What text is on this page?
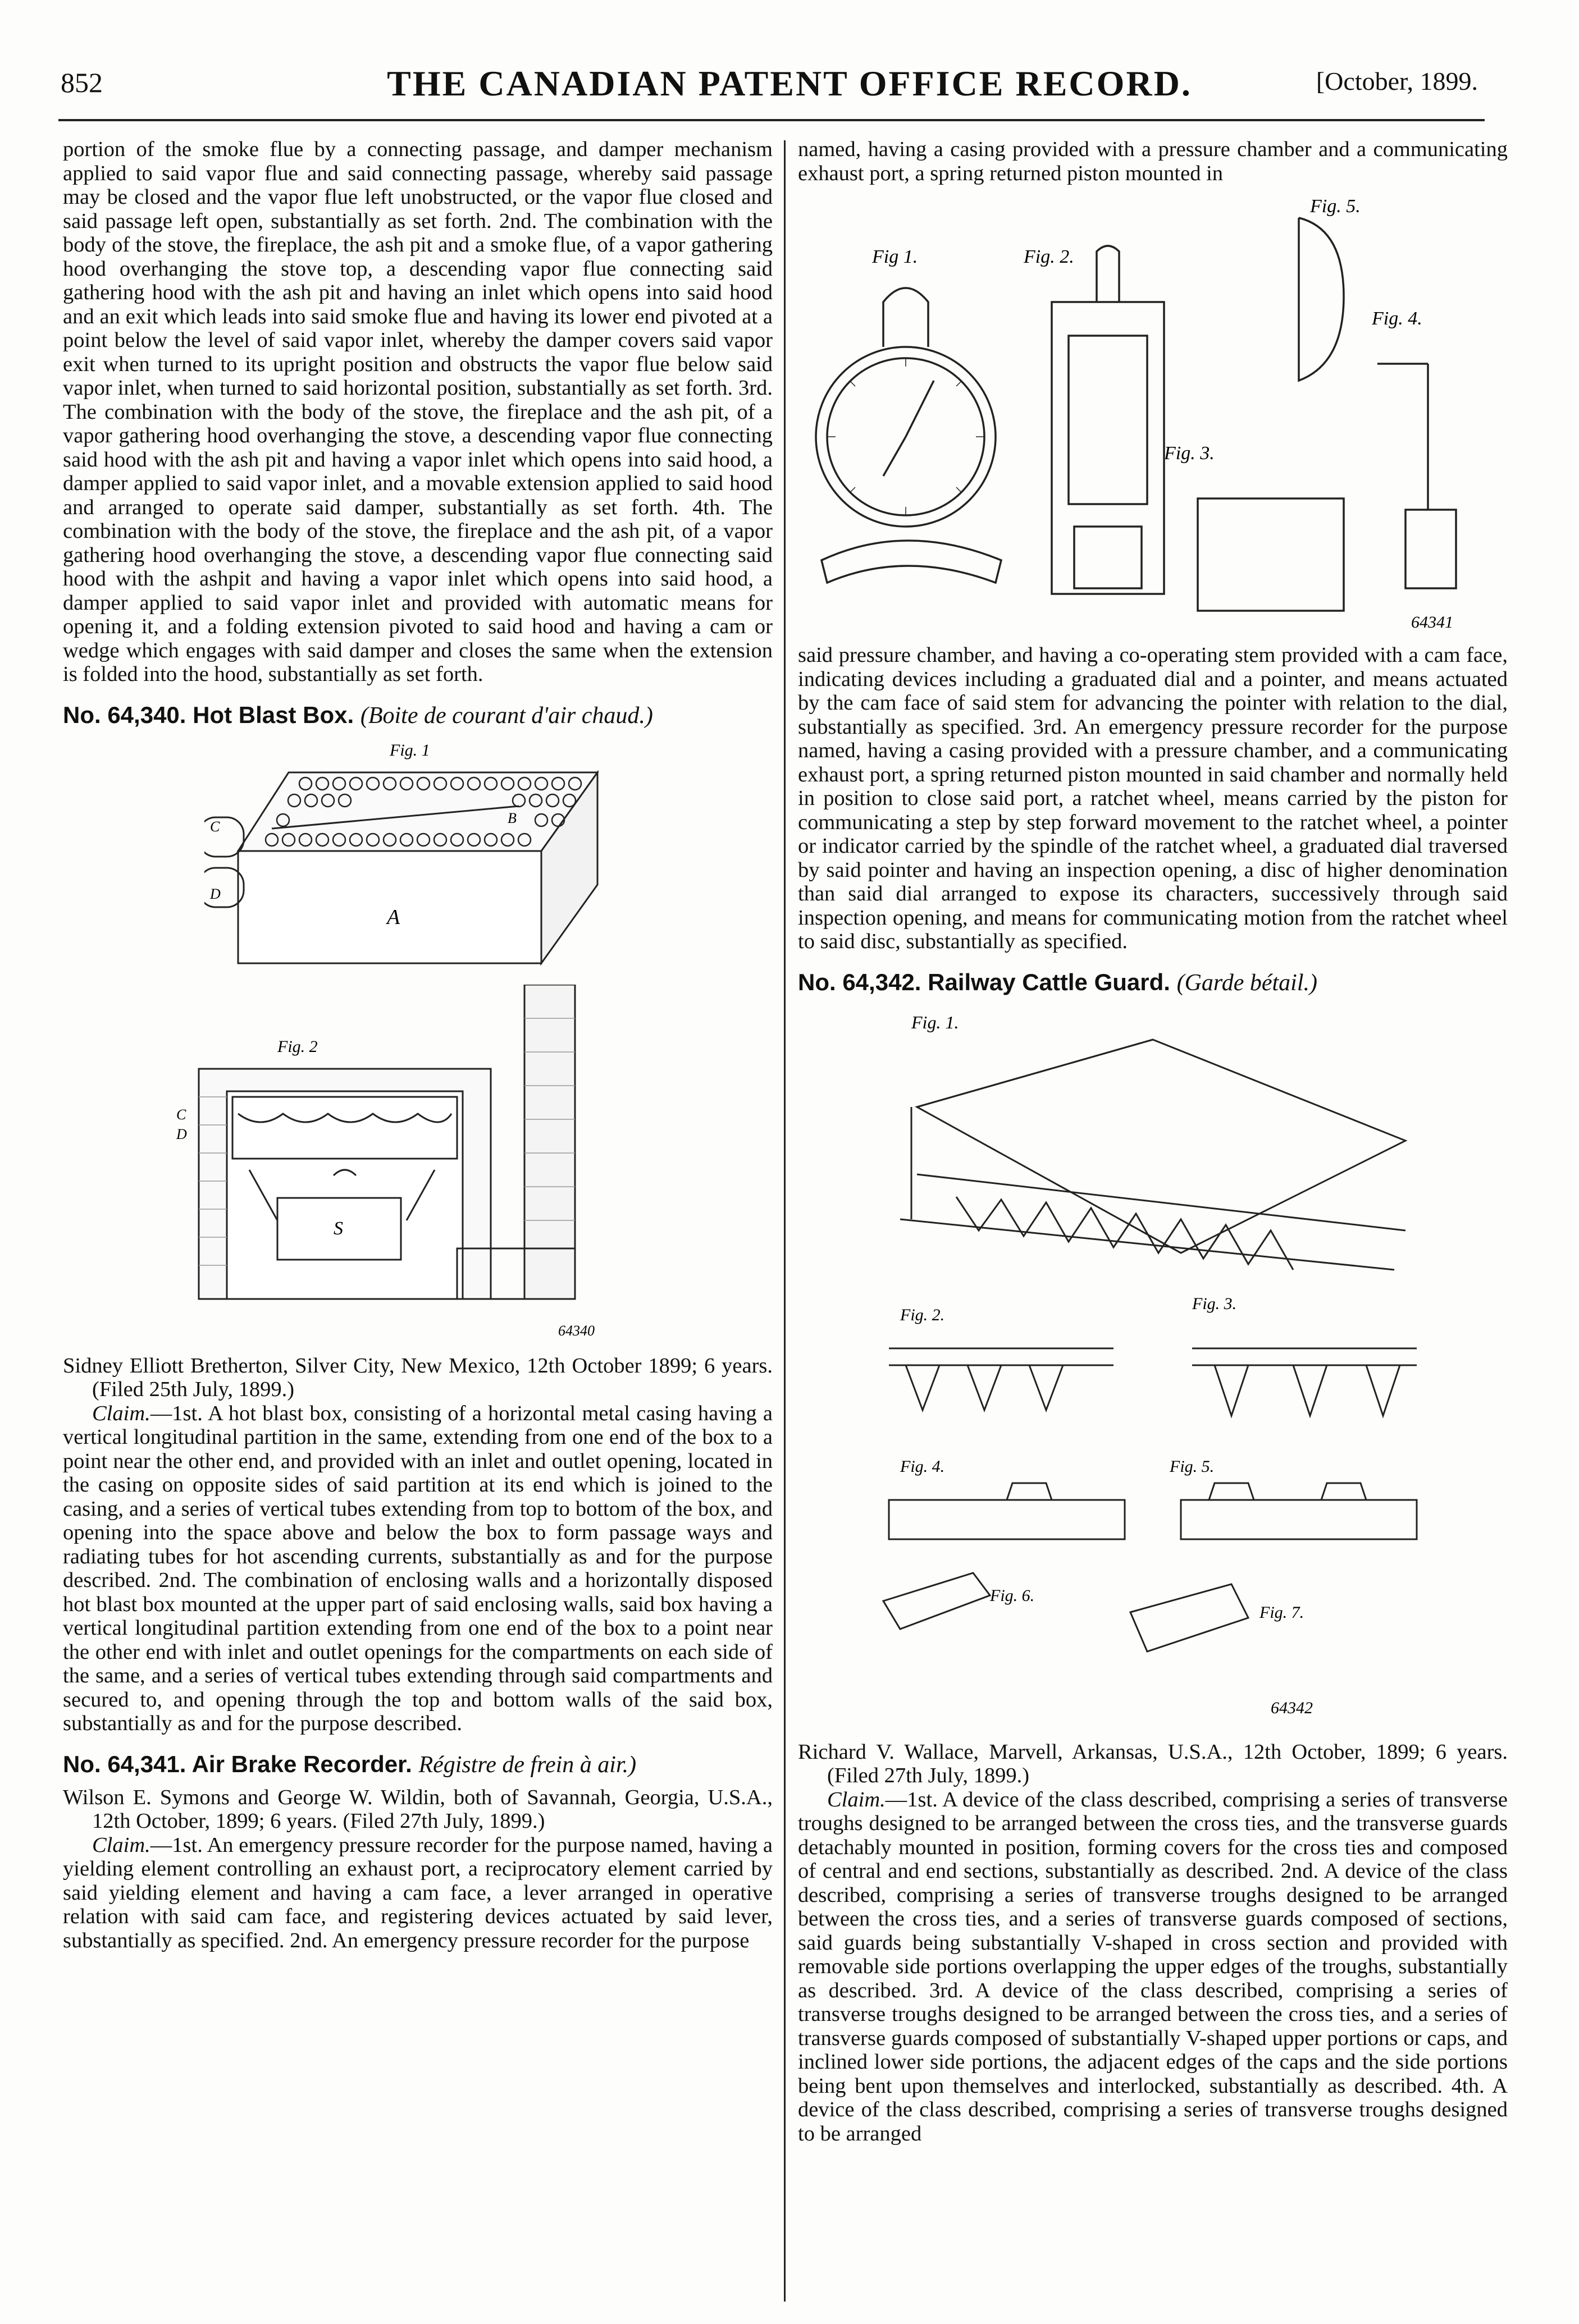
852	THE CANADIAN PATENT OFFICE RECORD.	[October, 1899.

portion of the smoke flue by a connecting passage, and damper mechanism applied to said vapor flue and said connecting passage, whereby said passage may be closed and the vapor flue left unobstructed, or the vapor flue closed and said passage left open, substantially as set forth. 2nd. The combination with the body of the stove, the fireplace, the ash pit and a smoke flue, of a vapor gathering hood overhanging the stove top, a descending vapor flue connecting said gathering hood with the ash pit and having an inlet which opens into said hood and an exit which leads into said smoke flue and having its lower end pivoted at a point below the level of said vapor inlet, whereby the damper covers said vapor exit when turned to its upright position and obstructs the vapor flue below said vapor inlet, when turned to said horizontal position, substantially as set forth. 3rd. The combination with the body of the stove, the fireplace and the ash pit, of a vapor gathering hood overhanging the stove, a descending vapor flue connecting said hood with the ash pit and having a vapor inlet which opens into said hood, a damper applied to said vapor inlet, and a movable extension applied to said hood and arranged to operate said damper, substantially as set forth. 4th. The combination with the body of the stove, the fireplace and the ash pit, of a vapor gathering hood overhanging the stove, a descending vapor flue connecting said hood with the ashpit and having a vapor inlet which opens into said hood, a damper applied to said vapor inlet and provided with automatic means for opening it, and a folding extension pivoted to said hood and having a cam or wedge which engages with said damper and closes the same when the extension is folded into the hood, substantially as set forth.

No. 64,340. Hot Blast Box. (Boite de courant d'air chaud.)
Fig. 1
A
B
C
D
Fig. 2
S
C
D
64340

Sidney Elliott Bretherton, Silver City, New Mexico, 12th October 1899; 6 years. (Filed 25th July, 1899.)

Claim.—1st. A hot blast box, consisting of a horizontal metal casing having a vertical longitudinal partition in the same, extending from one end of the box to a point near the other end, and provided with an inlet and outlet opening, located in the casing on opposite sides of said partition at its end which is joined to the casing, and a series of vertical tubes extending from top to bottom of the box, and opening into the space above and below the box to form passage ways and radiating tubes for hot ascending currents, substantially as and for the purpose described. 2nd. The combination of enclosing walls and a horizontally disposed hot blast box mounted at the upper part of said enclosing walls, said box having a vertical longitudinal partition extending from one end of the box to a point near the other end with inlet and outlet openings for the compartments on each side of the same, and a series of vertical tubes extending through said compartments and secured to, and opening through the top and bottom walls of the said box, substantially as and for the purpose described.

No. 64,341. Air Brake Recorder. Régistre de frein à air.)

Wilson E. Symons and George W. Wildin, both of Savannah, Georgia, U.S.A., 12th October, 1899; 6 years. (Filed 27th July, 1899.)

Claim.—1st. An emergency pressure recorder for the purpose named, having a yielding element controlling an exhaust port, a reciprocatory element carried by said yielding element and having a cam face, a lever arranged in operative relation with said cam face, and registering devices actuated by said lever, substantially as specified. 2nd. An emergency pressure recorder for the purpose

named, having a casing provided with a pressure chamber and a communicating exhaust port, a spring returned piston mounted in

Fig 1.	Fig. 2.
Fig. 5.
Fig. 4.
Fig. 3.
64341

said pressure chamber, and having a co-operating stem provided with a cam face, indicating devices including a graduated dial and a pointer, and means actuated by the cam face of said stem for advancing the pointer with relation to the dial, substantially as specified. 3rd. An emergency pressure recorder for the purpose named, having a casing provided with a pressure chamber, and a communicating exhaust port, a spring returned piston mounted in said chamber and normally held in position to close said port, a ratchet wheel, means carried by the piston for communicating a step by step forward movement to the ratchet wheel, a pointer or indicator carried by the spindle of the ratchet wheel, a graduated dial traversed by said pointer and having an inspection opening, a disc of higher denomination than said dial arranged to expose its characters, successively through said inspection opening, and means for communicating motion from the ratchet wheel to said disc, substantially as specified.

No. 64,342. Railway Cattle Guard. (Garde bétail.)
Fig. 1.
Fig. 2.
Fig. 3.
Fig. 4.	Fig. 5.
Fig. 6.
Fig. 7.
64342

Richard V. Wallace, Marvell, Arkansas, U.S.A., 12th October, 1899; 6 years. (Filed 27th July, 1899.)

Claim.—1st. A device of the class described, comprising a series of transverse troughs designed to be arranged between the cross ties, and the transverse guards detachably mounted in position, forming covers for the cross ties and composed of central and end sections, substantially as described. 2nd. A device of the class described, comprising a series of transverse troughs designed to be arranged between the cross ties, and a series of transverse guards composed of sections, said guards being substantially V-shaped in cross section and provided with removable side portions overlapping the upper edges of the troughs, substantially as described. 3rd. A device of the class described, comprising a series of transverse troughs designed to be arranged between the cross ties, and a series of transverse guards composed of substantially V-shaped upper portions or caps, and inclined lower side portions, the adjacent edges of the caps and the side portions being bent upon themselves and interlocked, substantially as described. 4th. A device of the class described, comprising a series of transverse troughs designed to be arranged
